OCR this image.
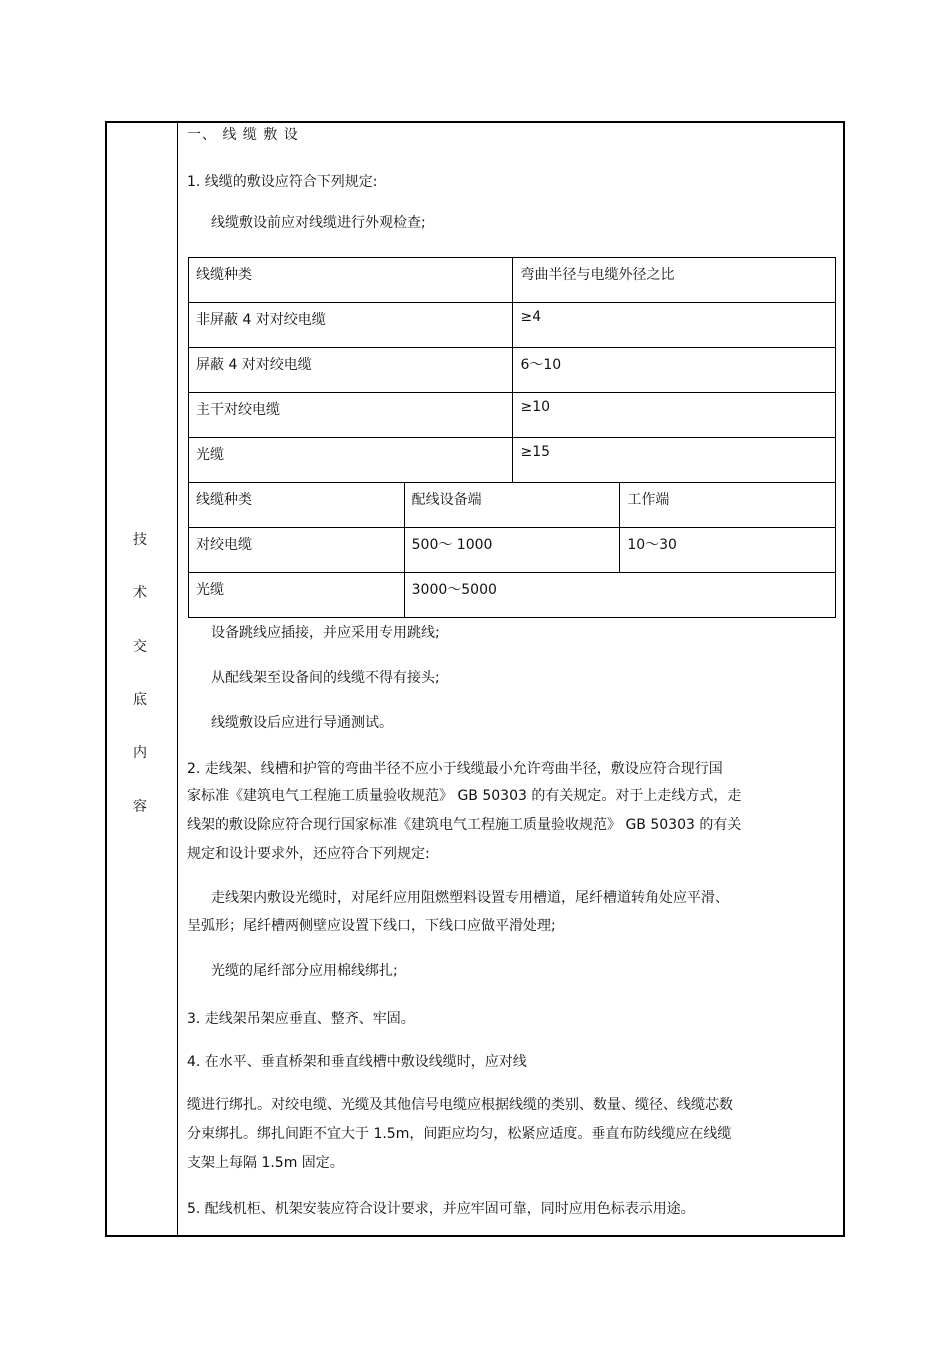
技
术
交
底
内
容
一、 线 缆 敷 设
1. 线缆的敷设应符合下列规定:
线缆敷设前应对线缆进行外观检查;
线缆种类	弯曲半径与电缆外径之比
非屏蔽 4 对对绞电缆	≥4
屏蔽 4 对对绞电缆	6～10
主干对绞电缆	≥10
光缆	≥15
线缆种类	配线设备端	工作端
对绞电缆	500～ 1000	10～30
光缆	3000～5000	
设备跳线应插接，并应采用专用跳线;
从配线架至设备间的线缆不得有接头;
线缆敷设后应进行导通测试。
2. 走线架、线槽和护管的弯曲半径不应小于线缆最小允许弯曲半径，敷设应符合现行国
家标准《建筑电气工程施工质量验收规范》 GB 50303 的有关规定。对于上走线方式，走
线架的敷设除应符合现行国家标准《建筑电气工程施工质量验收规范》 GB 50303 的有关
规定和设计要求外，还应符合下列规定:
走线架内敷设光缆时，对尾纤应用阻燃塑料设置专用槽道，尾纤槽道转角处应平滑、
呈弧形；尾纤槽两侧壁应设置下线口，下线口应做平滑处理;
光缆的尾纤部分应用棉线绑扎;
3. 走线架吊架应垂直、整齐、牢固。
4. 在水平、垂直桥架和垂直线槽中敷设线缆时，应对线
缆进行绑扎。对绞电缆、光缆及其他信号电缆应根据线缆的类别、数量、缆径、线缆芯数
分束绑扎。绑扎间距不宜大于 1.5m，间距应均匀，松紧应适度。垂直布防线缆应在线缆
支架上每隔 1.5m 固定。
5. 配线机柜、机架安装应符合设计要求，并应牢固可靠，同时应用色标表示用途。
